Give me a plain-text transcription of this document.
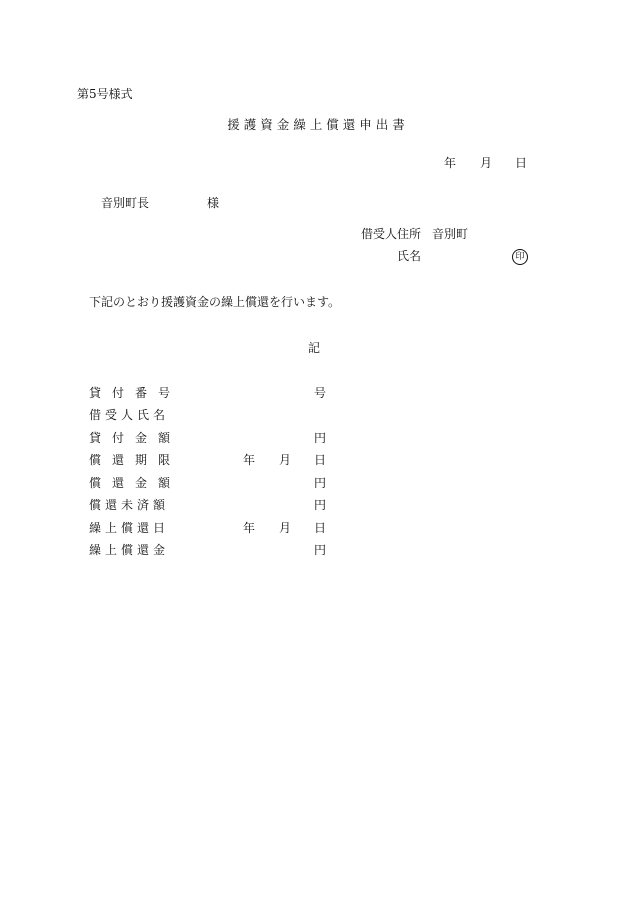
第5号様式
援護資金繰上償還申出書
年 月 日
音別町長	様
借受人住所 音別町
氏名	印
下記のとおり援護資金の繰上償還を行います。
記
貸付番号	号
借受人氏名
貸付金額	円
償還期限	年 月 日
償還金額	円
償還未済額	円
繰上償還日	年 月 日
繰上償還金	円
